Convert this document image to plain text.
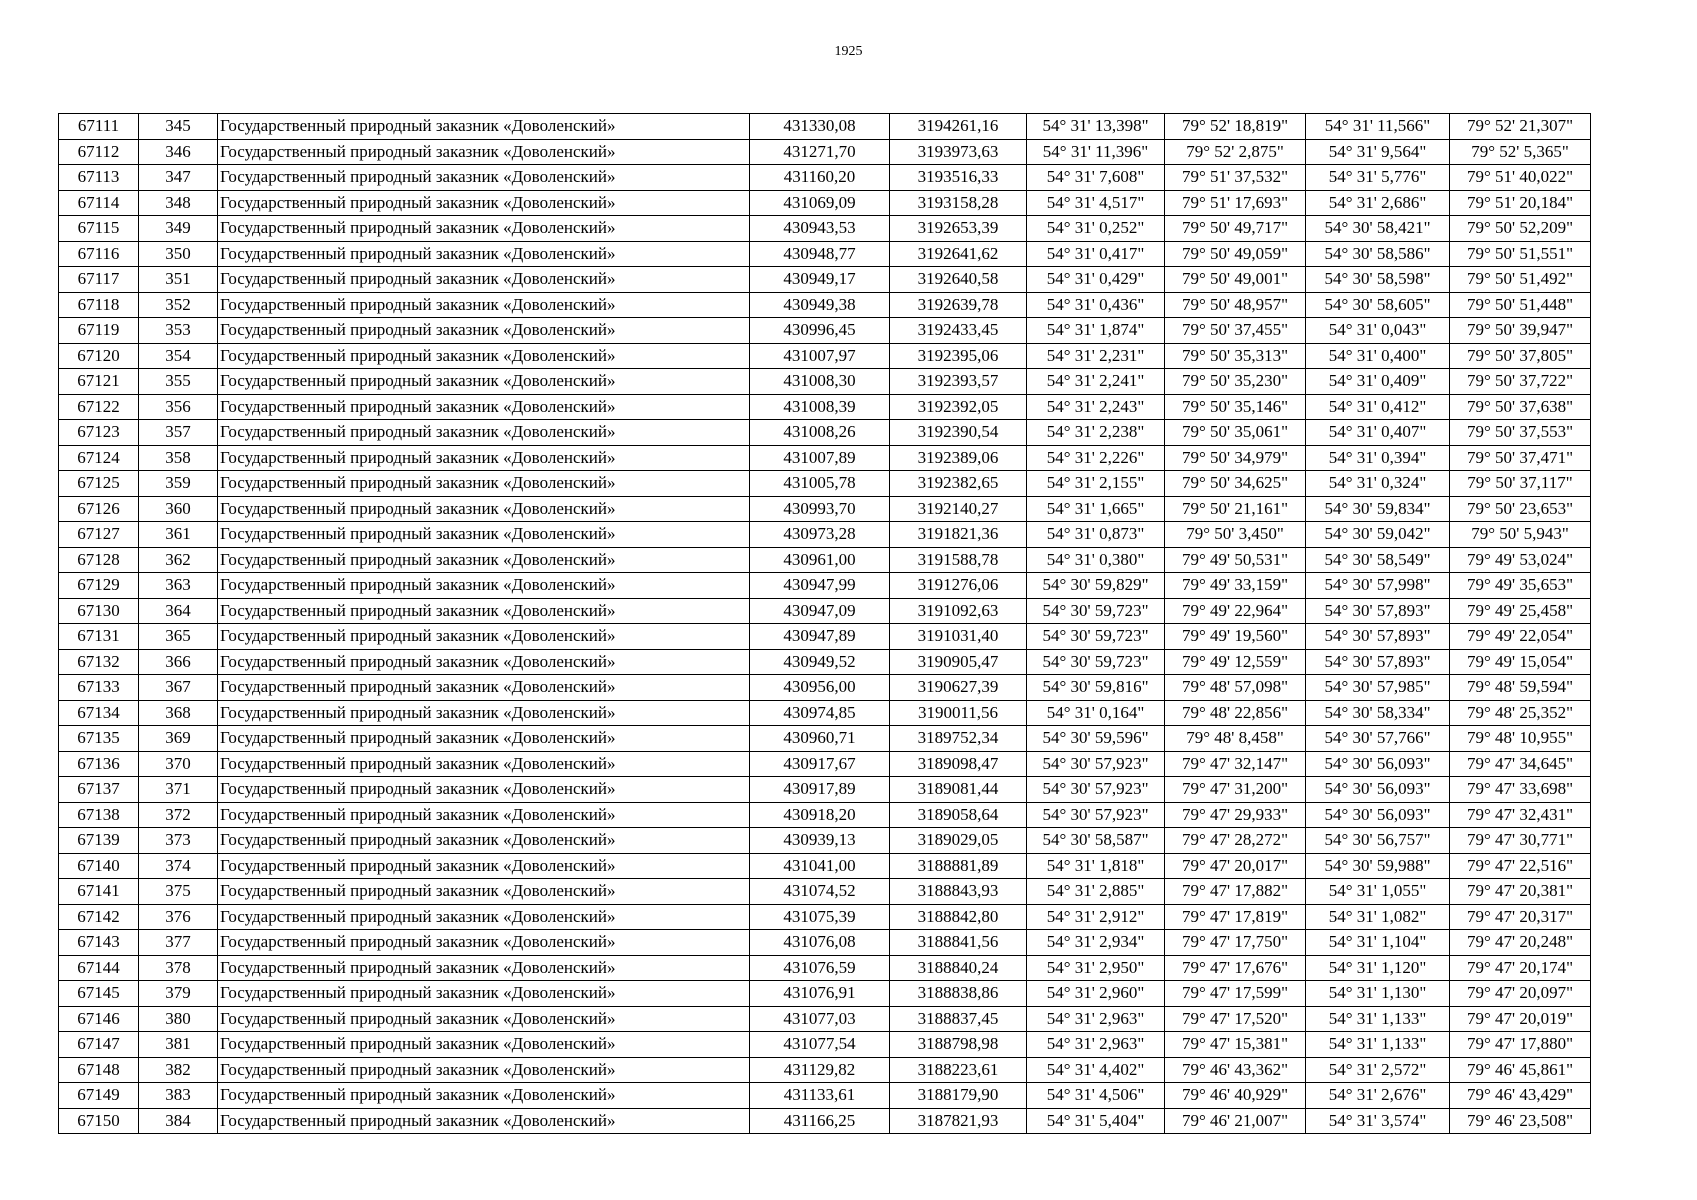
1925
67111	345	Государственный природный заказник «Доволенский»	431330,08	3194261,16	54° 31' 13,398"	79° 52' 18,819"	54° 31' 11,566"	79° 52' 21,307"
67112	346	Государственный природный заказник «Доволенский»	431271,70	3193973,63	54° 31' 11,396"	79° 52' 2,875"	54° 31' 9,564"	79° 52' 5,365"
67113	347	Государственный природный заказник «Доволенский»	431160,20	3193516,33	54° 31' 7,608"	79° 51' 37,532"	54° 31' 5,776"	79° 51' 40,022"
67114	348	Государственный природный заказник «Доволенский»	431069,09	3193158,28	54° 31' 4,517"	79° 51' 17,693"	54° 31' 2,686"	79° 51' 20,184"
67115	349	Государственный природный заказник «Доволенский»	430943,53	3192653,39	54° 31' 0,252"	79° 50' 49,717"	54° 30' 58,421"	79° 50' 52,209"
67116	350	Государственный природный заказник «Доволенский»	430948,77	3192641,62	54° 31' 0,417"	79° 50' 49,059"	54° 30' 58,586"	79° 50' 51,551"
67117	351	Государственный природный заказник «Доволенский»	430949,17	3192640,58	54° 31' 0,429"	79° 50' 49,001"	54° 30' 58,598"	79° 50' 51,492"
67118	352	Государственный природный заказник «Доволенский»	430949,38	3192639,78	54° 31' 0,436"	79° 50' 48,957"	54° 30' 58,605"	79° 50' 51,448"
67119	353	Государственный природный заказник «Доволенский»	430996,45	3192433,45	54° 31' 1,874"	79° 50' 37,455"	54° 31' 0,043"	79° 50' 39,947"
67120	354	Государственный природный заказник «Доволенский»	431007,97	3192395,06	54° 31' 2,231"	79° 50' 35,313"	54° 31' 0,400"	79° 50' 37,805"
67121	355	Государственный природный заказник «Доволенский»	431008,30	3192393,57	54° 31' 2,241"	79° 50' 35,230"	54° 31' 0,409"	79° 50' 37,722"
67122	356	Государственный природный заказник «Доволенский»	431008,39	3192392,05	54° 31' 2,243"	79° 50' 35,146"	54° 31' 0,412"	79° 50' 37,638"
67123	357	Государственный природный заказник «Доволенский»	431008,26	3192390,54	54° 31' 2,238"	79° 50' 35,061"	54° 31' 0,407"	79° 50' 37,553"
67124	358	Государственный природный заказник «Доволенский»	431007,89	3192389,06	54° 31' 2,226"	79° 50' 34,979"	54° 31' 0,394"	79° 50' 37,471"
67125	359	Государственный природный заказник «Доволенский»	431005,78	3192382,65	54° 31' 2,155"	79° 50' 34,625"	54° 31' 0,324"	79° 50' 37,117"
67126	360	Государственный природный заказник «Доволенский»	430993,70	3192140,27	54° 31' 1,665"	79° 50' 21,161"	54° 30' 59,834"	79° 50' 23,653"
67127	361	Государственный природный заказник «Доволенский»	430973,28	3191821,36	54° 31' 0,873"	79° 50' 3,450"	54° 30' 59,042"	79° 50' 5,943"
67128	362	Государственный природный заказник «Доволенский»	430961,00	3191588,78	54° 31' 0,380"	79° 49' 50,531"	54° 30' 58,549"	79° 49' 53,024"
67129	363	Государственный природный заказник «Доволенский»	430947,99	3191276,06	54° 30' 59,829"	79° 49' 33,159"	54° 30' 57,998"	79° 49' 35,653"
67130	364	Государственный природный заказник «Доволенский»	430947,09	3191092,63	54° 30' 59,723"	79° 49' 22,964"	54° 30' 57,893"	79° 49' 25,458"
67131	365	Государственный природный заказник «Доволенский»	430947,89	3191031,40	54° 30' 59,723"	79° 49' 19,560"	54° 30' 57,893"	79° 49' 22,054"
67132	366	Государственный природный заказник «Доволенский»	430949,52	3190905,47	54° 30' 59,723"	79° 49' 12,559"	54° 30' 57,893"	79° 49' 15,054"
67133	367	Государственный природный заказник «Доволенский»	430956,00	3190627,39	54° 30' 59,816"	79° 48' 57,098"	54° 30' 57,985"	79° 48' 59,594"
67134	368	Государственный природный заказник «Доволенский»	430974,85	3190011,56	54° 31' 0,164"	79° 48' 22,856"	54° 30' 58,334"	79° 48' 25,352"
67135	369	Государственный природный заказник «Доволенский»	430960,71	3189752,34	54° 30' 59,596"	79° 48' 8,458"	54° 30' 57,766"	79° 48' 10,955"
67136	370	Государственный природный заказник «Доволенский»	430917,67	3189098,47	54° 30' 57,923"	79° 47' 32,147"	54° 30' 56,093"	79° 47' 34,645"
67137	371	Государственный природный заказник «Доволенский»	430917,89	3189081,44	54° 30' 57,923"	79° 47' 31,200"	54° 30' 56,093"	79° 47' 33,698"
67138	372	Государственный природный заказник «Доволенский»	430918,20	3189058,64	54° 30' 57,923"	79° 47' 29,933"	54° 30' 56,093"	79° 47' 32,431"
67139	373	Государственный природный заказник «Доволенский»	430939,13	3189029,05	54° 30' 58,587"	79° 47' 28,272"	54° 30' 56,757"	79° 47' 30,771"
67140	374	Государственный природный заказник «Доволенский»	431041,00	3188881,89	54° 31' 1,818"	79° 47' 20,017"	54° 30' 59,988"	79° 47' 22,516"
67141	375	Государственный природный заказник «Доволенский»	431074,52	3188843,93	54° 31' 2,885"	79° 47' 17,882"	54° 31' 1,055"	79° 47' 20,381"
67142	376	Государственный природный заказник «Доволенский»	431075,39	3188842,80	54° 31' 2,912"	79° 47' 17,819"	54° 31' 1,082"	79° 47' 20,317"
67143	377	Государственный природный заказник «Доволенский»	431076,08	3188841,56	54° 31' 2,934"	79° 47' 17,750"	54° 31' 1,104"	79° 47' 20,248"
67144	378	Государственный природный заказник «Доволенский»	431076,59	3188840,24	54° 31' 2,950"	79° 47' 17,676"	54° 31' 1,120"	79° 47' 20,174"
67145	379	Государственный природный заказник «Доволенский»	431076,91	3188838,86	54° 31' 2,960"	79° 47' 17,599"	54° 31' 1,130"	79° 47' 20,097"
67146	380	Государственный природный заказник «Доволенский»	431077,03	3188837,45	54° 31' 2,963"	79° 47' 17,520"	54° 31' 1,133"	79° 47' 20,019"
67147	381	Государственный природный заказник «Доволенский»	431077,54	3188798,98	54° 31' 2,963"	79° 47' 15,381"	54° 31' 1,133"	79° 47' 17,880"
67148	382	Государственный природный заказник «Доволенский»	431129,82	3188223,61	54° 31' 4,402"	79° 46' 43,362"	54° 31' 2,572"	79° 46' 45,861"
67149	383	Государственный природный заказник «Доволенский»	431133,61	3188179,90	54° 31' 4,506"	79° 46' 40,929"	54° 31' 2,676"	79° 46' 43,429"
67150	384	Государственный природный заказник «Доволенский»	431166,25	3187821,93	54° 31' 5,404"	79° 46' 21,007"	54° 31' 3,574"	79° 46' 23,508"
